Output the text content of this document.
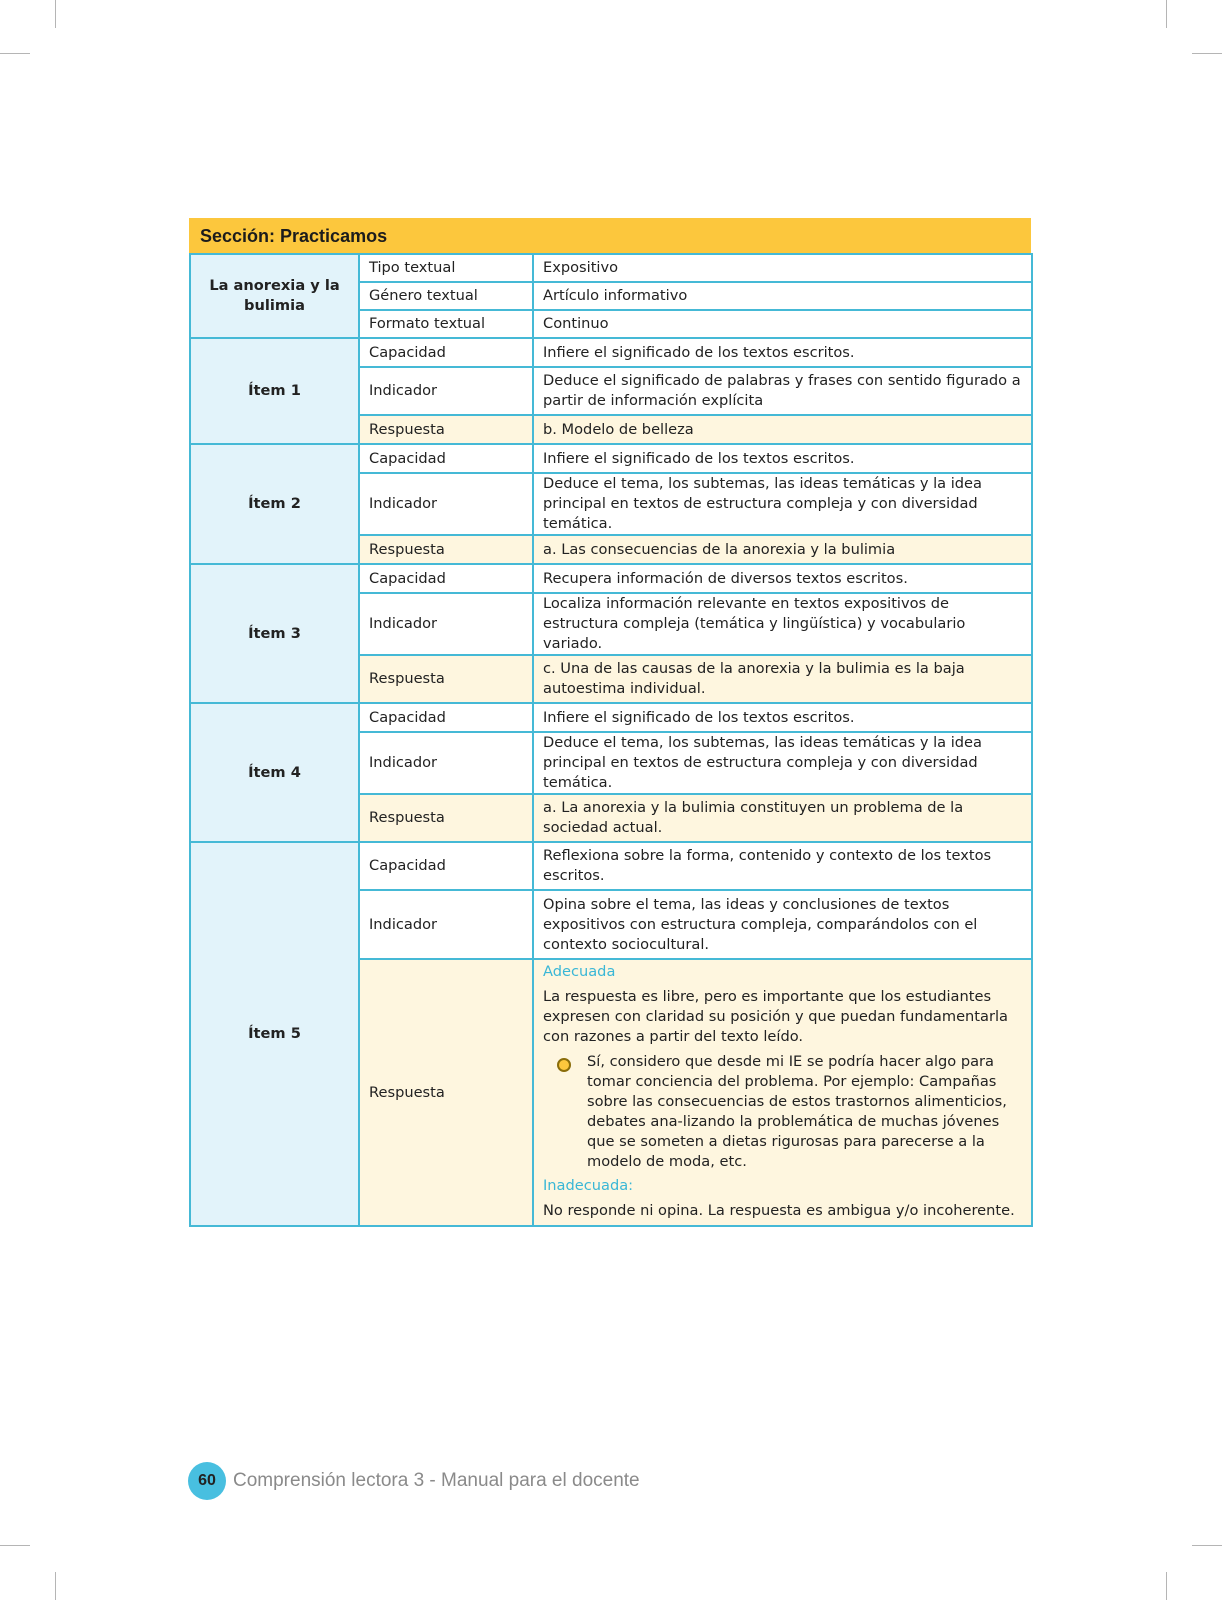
Sección: Practicamos
La anorexia y la bulimia	Tipo textual	Expositivo
	Género textual	Artículo informativo
	Formato textual	Continuo
Ítem 1	Capacidad	Infiere el significado de los textos escritos.
	Indicador	Deduce el significado de palabras y frases con sentido figurado a partir de información explícita
	Respuesta	b. Modelo de belleza
Ítem 2	Capacidad	Infiere el significado de los textos escritos.
	Indicador	Deduce el tema, los subtemas, las ideas temáticas y la idea principal en textos de estructura compleja y con diversidad temática.
	Respuesta	a. Las consecuencias de la anorexia y la bulimia
Ítem 3	Capacidad	Recupera información de diversos textos escritos.
	Indicador	Localiza información relevante en textos expositivos de estructura compleja (temática y lingüística) y vocabulario variado.
	Respuesta	c. Una de las causas de la anorexia y la bulimia es la baja autoestima individual.
Ítem 4	Capacidad	Infiere el significado de los textos escritos.
	Indicador	Deduce el tema, los subtemas, las ideas temáticas y la idea principal en textos de estructura compleja y con diversidad temática.
	Respuesta	a. La anorexia y la bulimia constituyen un problema de la sociedad actual.
Ítem 5	Capacidad	Reflexiona sobre la forma, contenido y contexto de los textos escritos.
	Indicador	Opina sobre el tema, las ideas y conclusiones de textos expositivos con estructura compleja, comparándolos con el contexto sociocultural.
	Respuesta	Adecuada

La respuesta es libre, pero es importante que los estudiantes expresen con claridad su posición y que puedan fundamentarla con razones a partir del texto leído.

Sí, considero que desde mi IE se podría hacer algo para tomar conciencia del problema. Por ejemplo: Campañas sobre las consecuencias de estos trastornos alimenticios, debates ana-lizando la problemática de muchas jóvenes que se someten a dietas rigurosas para parecerse a la modelo de moda, etc.

Inadecuada:

No responde ni opina. La respuesta es ambigua y/o incoherente.

60 Comprensión lectora 3 - Manual para el docente
